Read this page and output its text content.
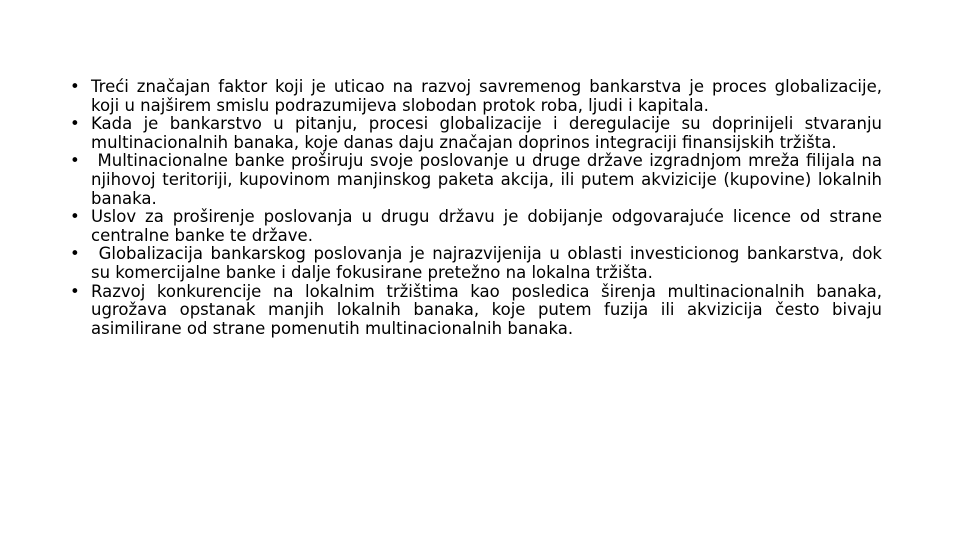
• Treći značajan faktor koji je uticao na razvoj savremenog bankarstva je proces globalizacije, koji u najširem smislu podrazumijeva slobodan protok roba, ljudi i kapitala.
• Kada je bankarstvo u pitanju, procesi globalizacije i deregulacije su doprinijeli stvaranju multinacionalnih banaka, koje danas daju značajan doprinos integraciji finansijskih tržišta.
• Multinacionalne banke proširuju svoje poslovanje u druge države izgradnjom mreža filijala na njihovoj teritoriji, kupovinom manjinskog paketa akcija, ili putem akvizicije (kupovine) lokalnih banaka.
• Uslov za proširenje poslovanja u drugu državu je dobijanje odgovarajuće licence od strane centralne banke te države.
• Globalizacija bankarskog poslovanja je najrazvijenija u oblasti investicionog bankarstva, dok su komercijalne banke i dalje fokusirane pretežno na lokalna tržišta.
• Razvoj konkurencije na lokalnim tržištima kao posledica širenja multinacionalnih banaka, ugrožava opstanak manjih lokalnih banaka, koje putem fuzija ili akvizicija često bivaju asimilirane od strane pomenutih multinacionalnih banaka.
